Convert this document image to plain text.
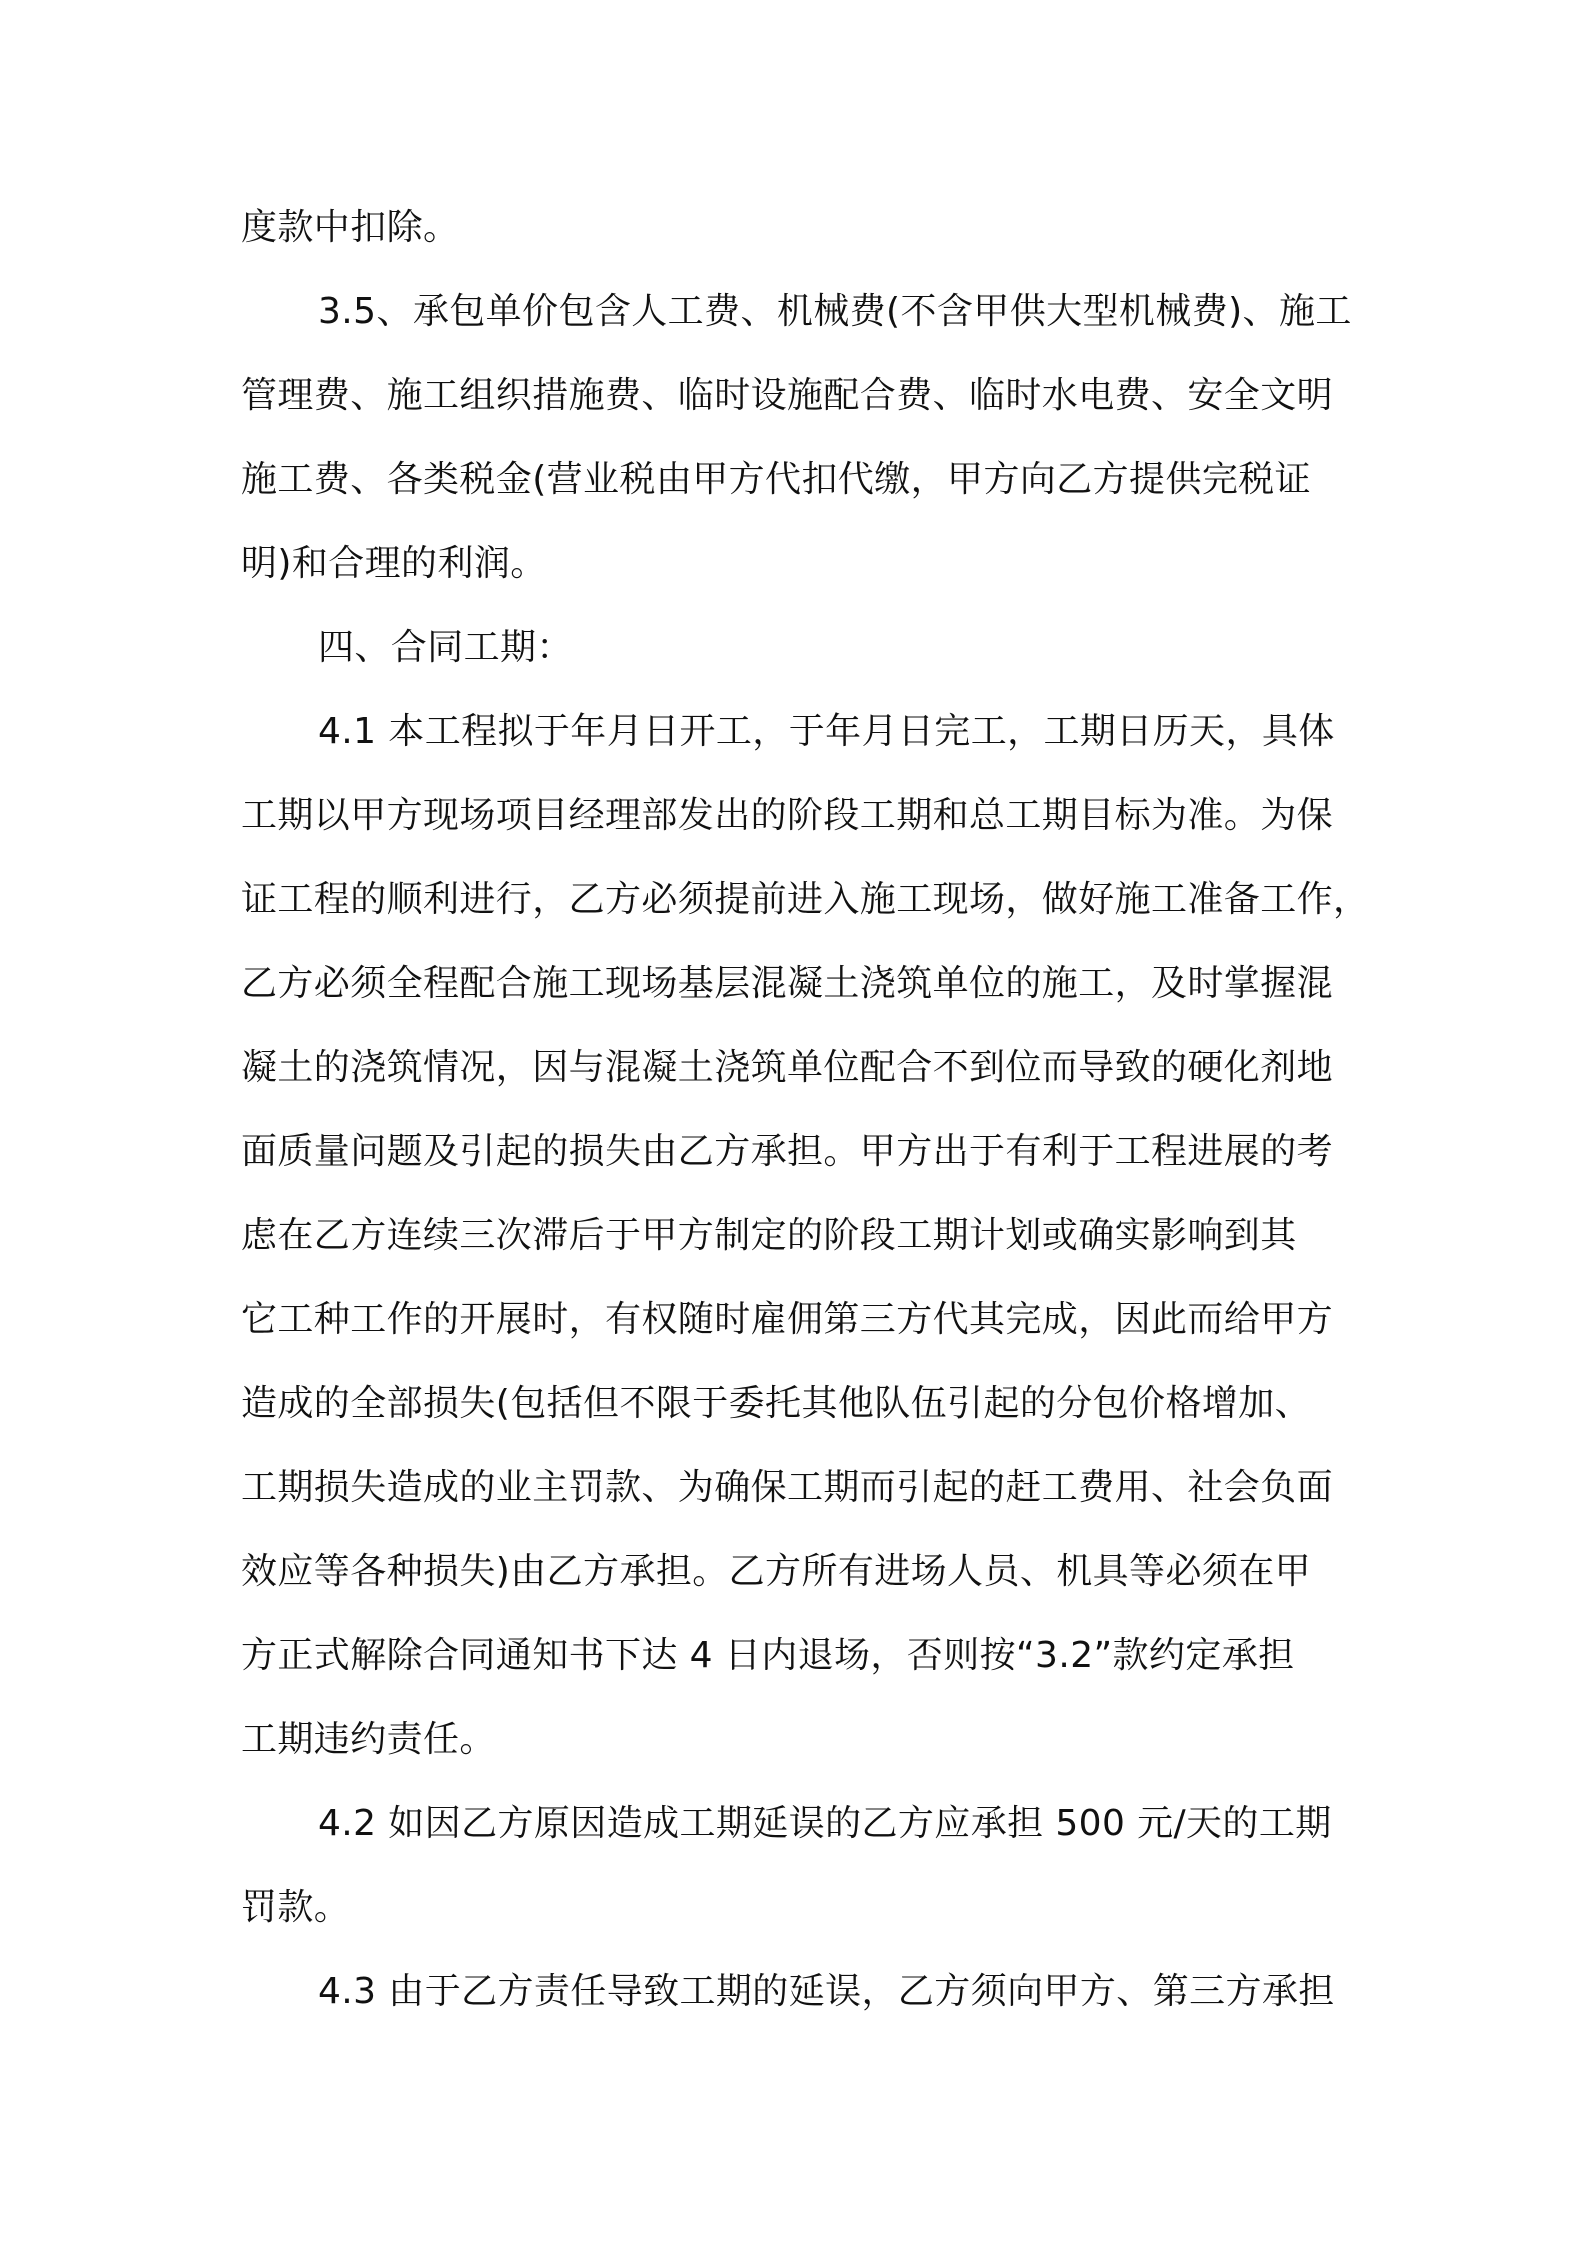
度款中扣除。
3.5、承包单价包含人工费、机械费(不含甲供大型机械费)、施工
管理费、施工组织措施费、临时设施配合费、临时水电费、安全文明
施工费、各类税金(营业税由甲方代扣代缴，甲方向乙方提供完税证
明)和合理的利润。
四、合同工期：
4.1 本工程拟于年月日开工，于年月日完工，工期日历天，具体
工期以甲方现场项目经理部发出的阶段工期和总工期目标为准。为保
证工程的顺利进行，乙方必须提前进入施工现场，做好施工准备工作，
乙方必须全程配合施工现场基层混凝土浇筑单位的施工，及时掌握混
凝土的浇筑情况，因与混凝土浇筑单位配合不到位而导致的硬化剂地
面质量问题及引起的损失由乙方承担。甲方出于有利于工程进展的考
虑在乙方连续三次滞后于甲方制定的阶段工期计划或确实影响到其
它工种工作的开展时，有权随时雇佣第三方代其完成，因此而给甲方
造成的全部损失(包括但不限于委托其他队伍引起的分包价格增加、
工期损失造成的业主罚款、为确保工期而引起的赶工费用、社会负面
效应等各种损失)由乙方承担。乙方所有进场人员、机具等必须在甲
方正式解除合同通知书下达 4 日内退场，否则按“3.2”款约定承担
工期违约责任。
4.2 如因乙方原因造成工期延误的乙方应承担 500 元/天的工期
罚款。
4.3 由于乙方责任导致工期的延误，乙方须向甲方、第三方承担
